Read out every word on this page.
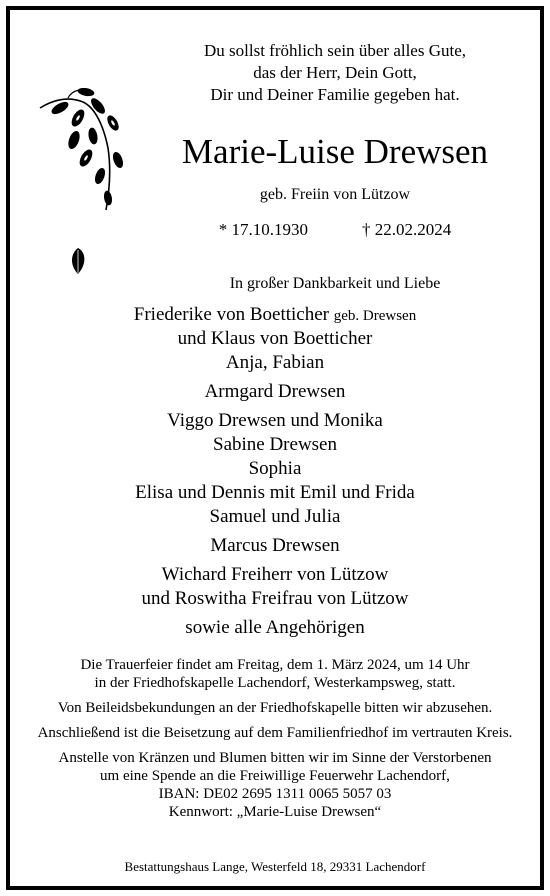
Du sollst fröhlich sein über alles Gute,
das der Herr, Dein Gott,
Dir und Deiner Familie gegeben hat.
Marie-Luise Drewsen
geb. Freiin von Lützow
* 17.10.1930	† 22.02.2024
In großer Dankbarkeit und Liebe
Friederike von Boetticher geb. Drewsen
und Klaus von Boetticher
Anja, Fabian
Armgard Drewsen
Viggo Drewsen und Monika
Sabine Drewsen
Sophia
Elisa und Dennis mit Emil und Frida
Samuel und Julia
Marcus Drewsen
Wichard Freiherr von Lützow
und Roswitha Freifrau von Lützow
sowie alle Angehörigen
Die Trauerfeier findet am Freitag, dem 1. März 2024, um 14 Uhr
in der Friedhofskapelle Lachendorf, Westerkampsweg, statt.
Von Beileidsbekundungen an der Friedhofskapelle bitten wir abzusehen.
Anschließend ist die Beisetzung auf dem Familienfriedhof im vertrauten Kreis.
Anstelle von Kränzen und Blumen bitten wir im Sinne der Verstorbenen
um eine Spende an die Freiwillige Feuerwehr Lachendorf,
IBAN: DE02 2695 1311 0065 5057 03
Kennwort: „Marie-Luise Drewsen“
Bestattungshaus Lange, Westerfeld 18, 29331 Lachendorf
